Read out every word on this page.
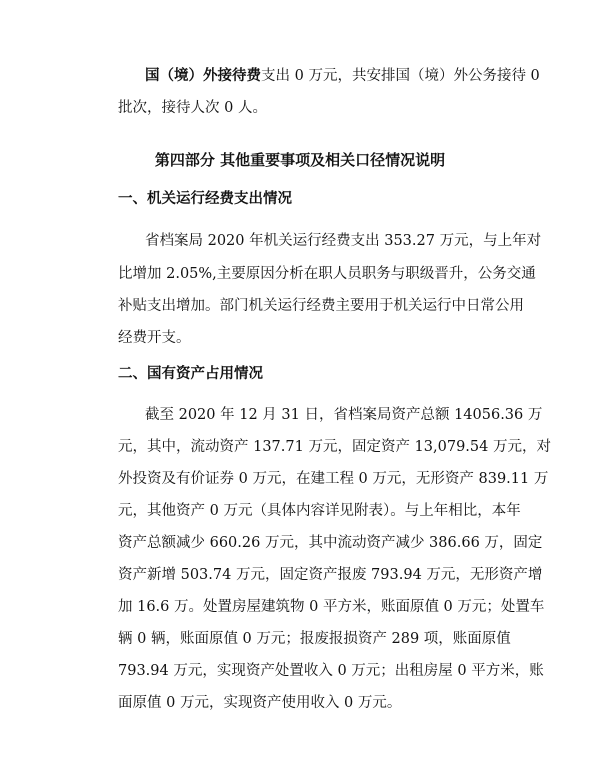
国（境）外接待费支出 0 万元，共安排国（境）外公务接待 0
批次，接待人次 0 人。
第四部分 其他重要事项及相关口径情况说明
一、机关运行经费支出情况
省档案局 2020 年机关运行经费支出 353.27 万元，与上年对
比增加 2.05%,主要原因分析在职人员职务与职级晋升，公务交通
补贴支出增加。部门机关运行经费主要用于机关运行中日常公用
经费开支。
二、国有资产占用情况
截至 2020 年 12 月 31 日，省档案局资产总额 14056.36 万
元，其中，流动资产 137.71 万元，固定资产 13,079.54 万元，对
外投资及有价证券 0 万元，在建工程 0 万元，无形资产 839.11 万
元，其他资产 0 万元（具体内容详见附表）。与上年相比，本年
资产总额减少 660.26 万元，其中流动资产减少 386.66 万，固定
资产新增 503.74 万元，固定资产报废 793.94 万元，无形资产增
加 16.6 万。处置房屋建筑物 0 平方米，账面原值 0 万元；处置车
辆 0 辆，账面原值 0 万元；报废报损资产 289 项，账面原值
793.94 万元，实现资产处置收入 0 万元；出租房屋 0 平方米，账
面原值 0 万元，实现资产使用收入 0 万元。
